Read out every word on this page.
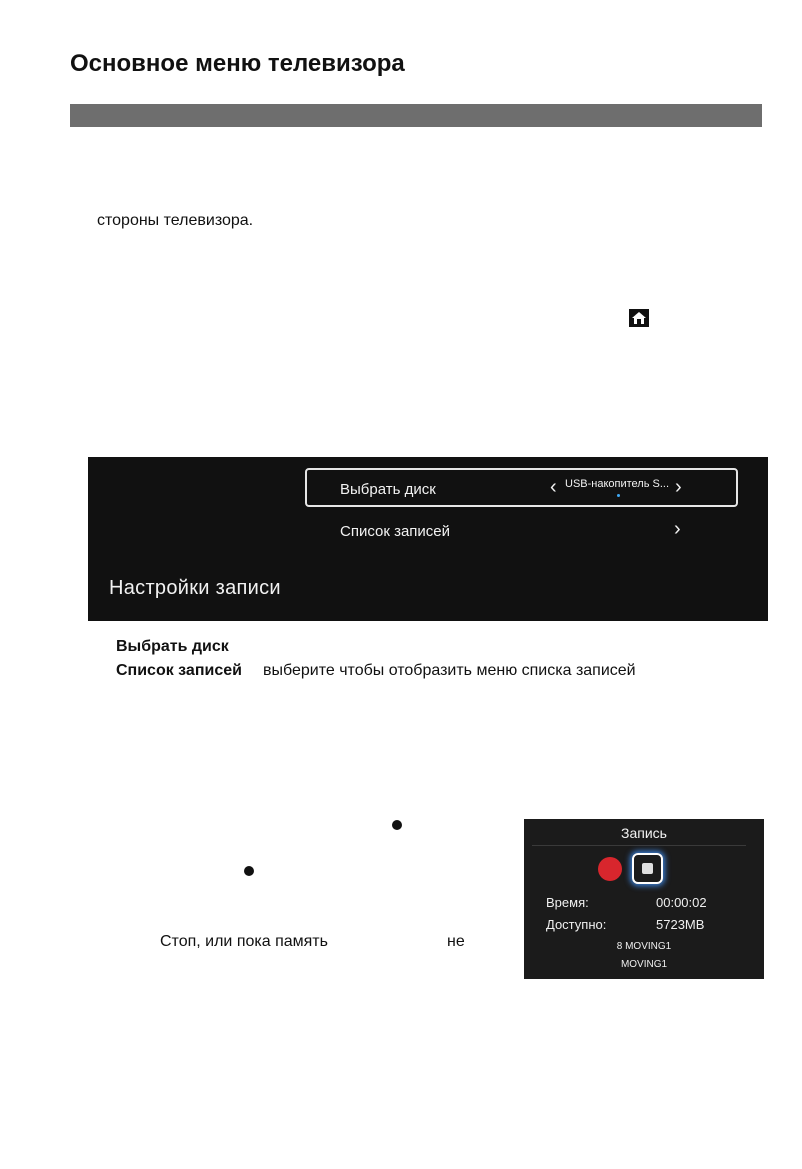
Основное меню телевизора
стороны телевизора.
Выбрать диск	‹ USB-накопитель S... ›
Список записей	›
Настройки записи
Выбрать диск
Список записей выберите чтобы отобразить меню списка записей
Стоп, или пока память	не
Запись
Время:	00:00:02
Доступно:	5723MB
8 MOVING1
MOVING1
